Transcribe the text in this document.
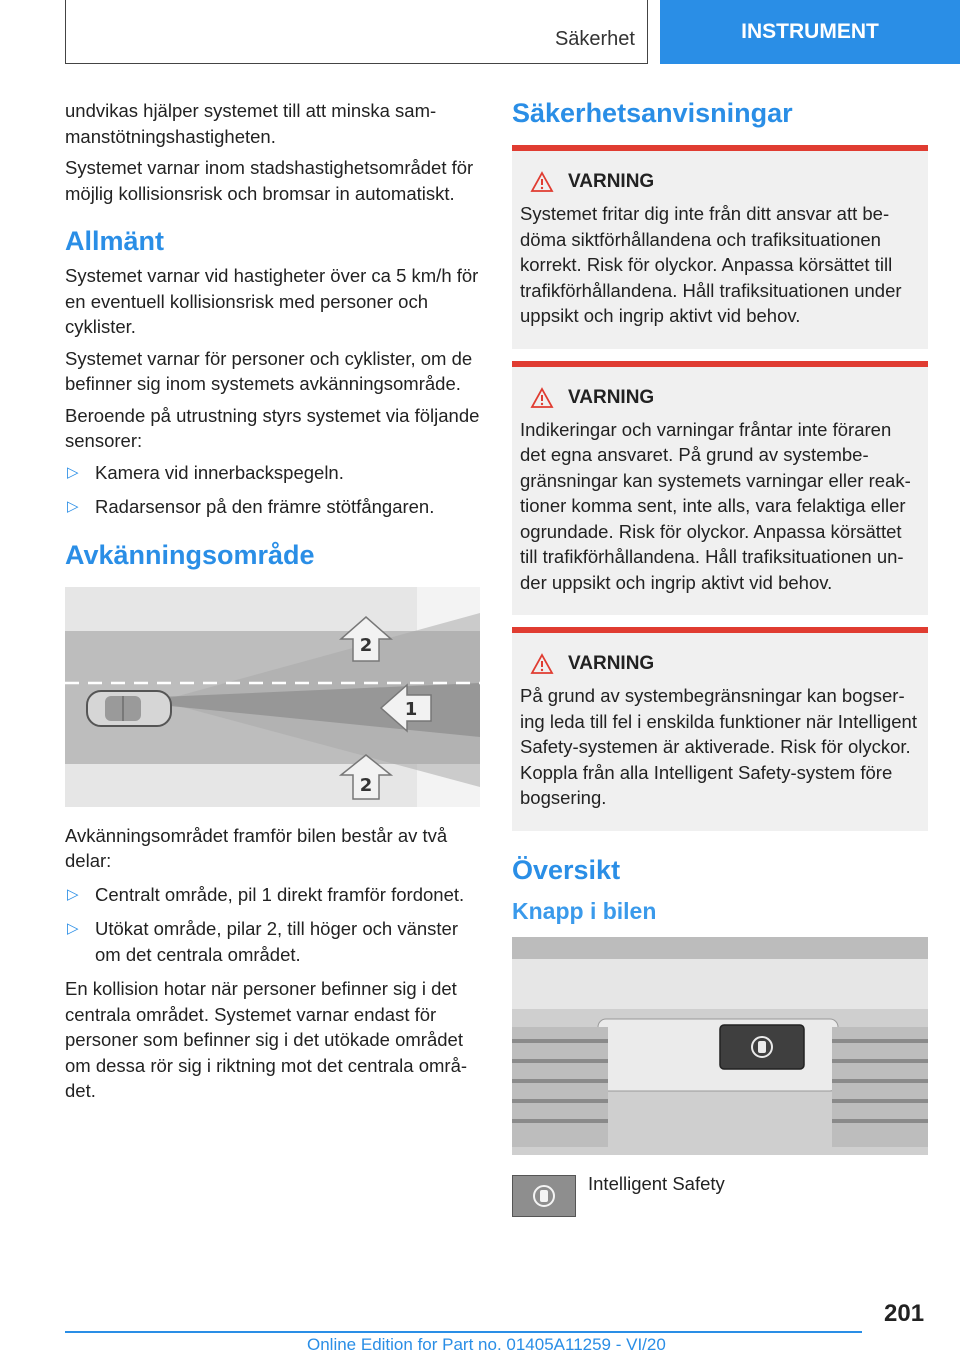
Säkerhet	INSTRUMENT

undvikas hjälper systemet till att minska sammanstötningshastigheten.

Systemet varnar inom stadshastighetsområdet för möjlig kollisionsrisk och bromsar in automatiskt.

Allmänt

Systemet varnar vid hastigheter över ca 5 km/h för en eventuell kollisionsrisk med personer och cyklister.

Systemet varnar för personer och cyklister, om de befinner sig inom systemets avkänningsområde.

Beroende på utrustning styrs systemet via följande sensorer:

▷ Kamera vid innerbackspegeln.
▷ Radarsensor på den främre stötfångaren.
Avkänningsområde
2
1
2

Avkänningsområdet framför bilen består av två delar:

▷ Centralt område, pil 1 direkt framför fordonet.
▷ Utökat område, pilar 2, till höger och vänster om det centrala området.

En kollision hotar när personer befinner sig i det centrala området. Systemet varnar endast för personer som befinner sig i det utökade området om dessa rör sig i riktning mot det centrala området.

Säkerhetsanvisningar
VARNING

Systemet fritar dig inte från ditt ansvar att bedöma siktförhållandena och trafiksituationen korrekt. Risk för olyckor. Anpassa körsättet till trafikförhållandena. Håll trafiksituationen under uppsikt och ingrip aktivt vid behov.

VARNING

Indikeringar och varningar fråntar inte föraren det egna ansvaret. På grund av systembegränsningar kan systemets varningar eller reaktioner komma sent, inte alls, vara felaktiga eller ogrundade. Risk för olyckor. Anpassa körsättet till trafikförhållandena. Håll trafiksituationen under uppsikt och ingrip aktivt vid behov.

VARNING

På grund av systembegränsningar kan bogsering leda till fel i enskilda funktioner när Intelligent Safety-systemen är aktiverade. Risk för olyckor. Koppla från alla Intelligent Safety-system före bogsering.

Översikt
Knapp i bilen

Intelligent Safety

201
Online Edition for Part no. 01405A11259 - VI/20
